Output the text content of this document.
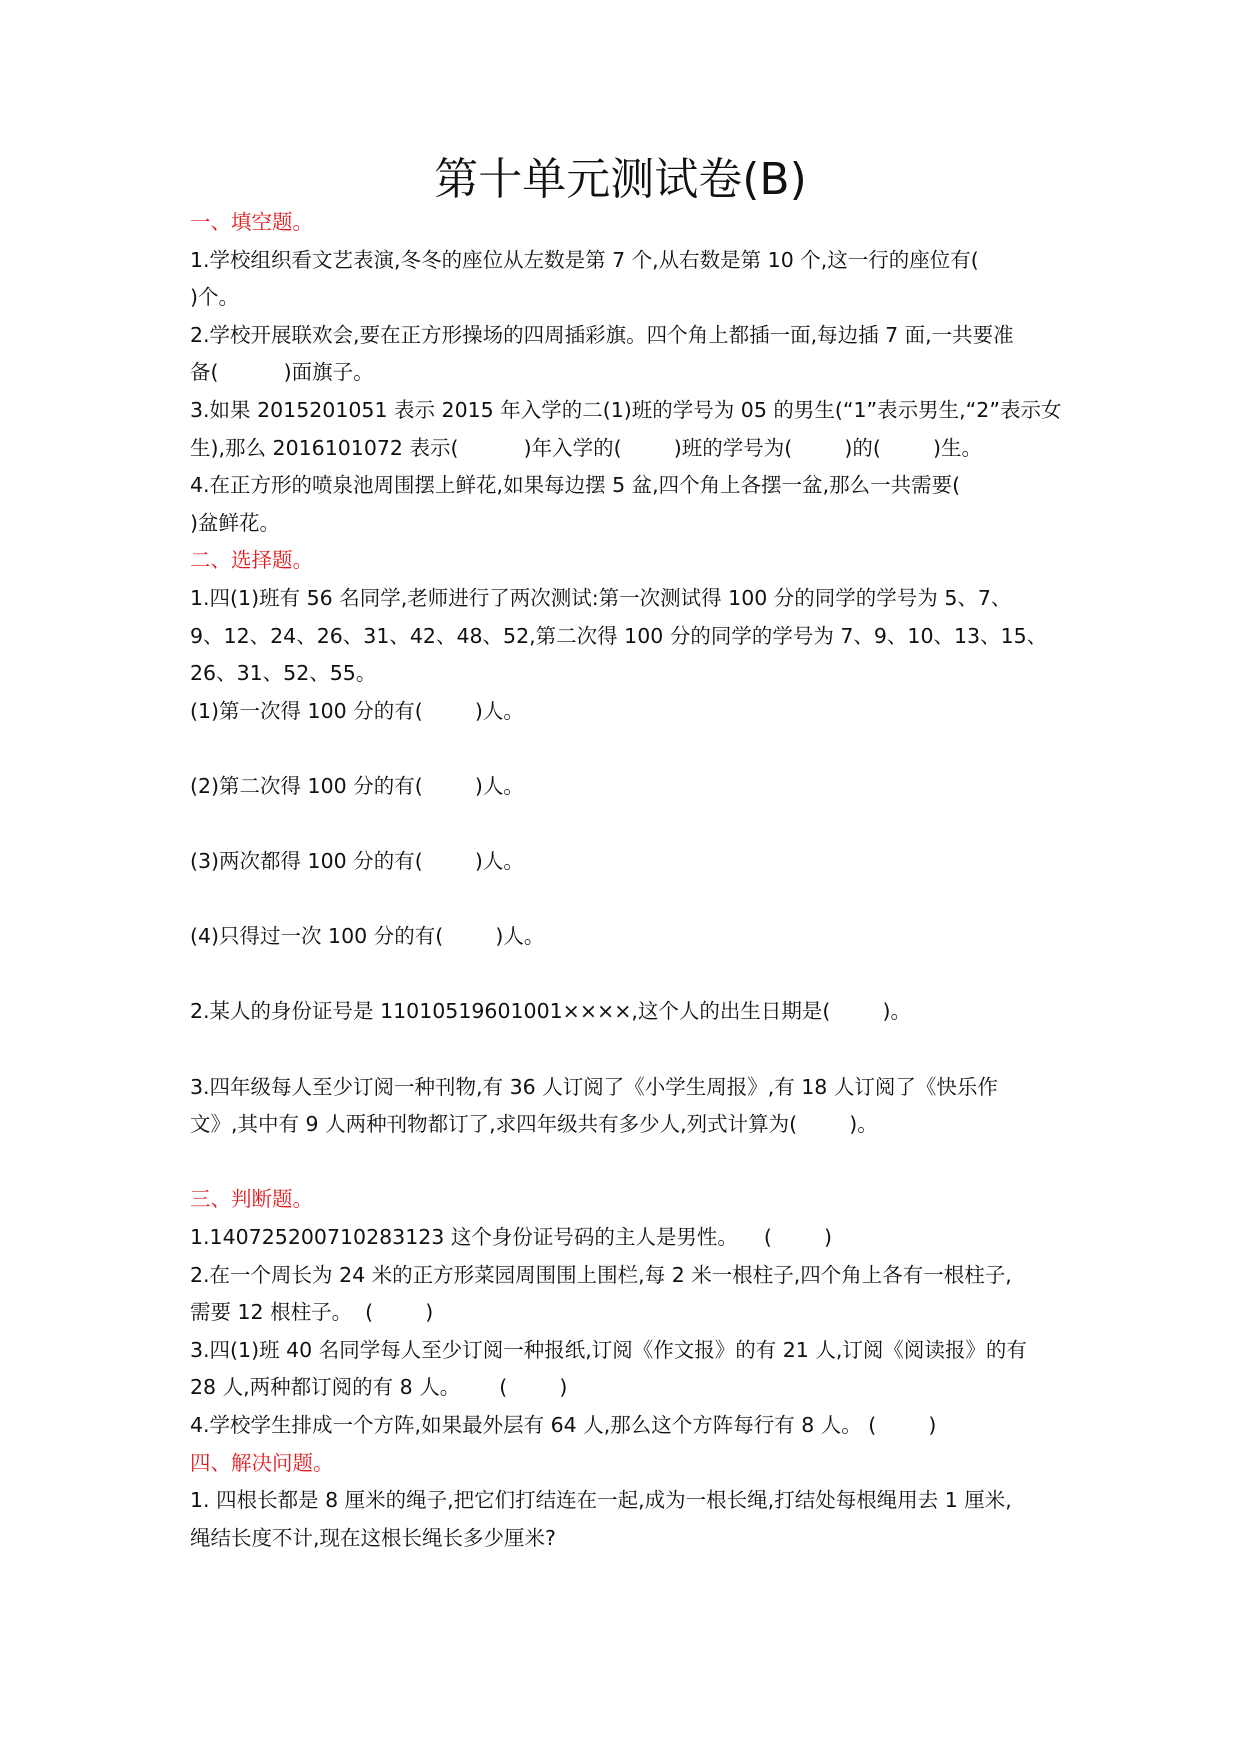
第十单元测试卷(B)
一、填空题。
1.学校组织看文艺表演,冬冬的座位从左数是第 7 个,从右数是第 10 个,这一行的座位有(
)个。
2.学校开展联欢会,要在正方形操场的四周插彩旗。四个角上都插一面,每边插 7 面,一共要准
备(          )面旗子。
3.如果 2015201051 表示 2015 年入学的二(1)班的学号为 05 的男生(“1”表示男生,“2”表示女
生),那么 2016101072 表示(          )年入学的(        )班的学号为(        )的(        )生。
4.在正方形的喷泉池周围摆上鲜花,如果每边摆 5 盆,四个角上各摆一盆,那么一共需要(
)盆鲜花。
二、选择题。
1.四(1)班有 56 名同学,老师进行了两次测试:第一次测试得 100 分的同学的学号为 5、7、
9、12、24、26、31、42、48、52,第二次得 100 分的同学的学号为 7、9、10、13、15、
26、31、52、55。
(1)第一次得 100 分的有(        )人。

(2)第二次得 100 分的有(        )人。

(3)两次都得 100 分的有(        )人。

(4)只得过一次 100 分的有(        )人。

2.某人的身份证号是 11010519601001××××,这个人的出生日期是(        )。

3.四年级每人至少订阅一种刊物,有 36 人订阅了《小学生周报》,有 18 人订阅了《快乐作
文》,其中有 9 人两种刊物都订了,求四年级共有多少人,列式计算为(        )。

三、判断题。
1.140725200710283123 这个身份证号码的主人是男性。    (        )
2.在一个周长为 24 米的正方形菜园周围围上围栏,每 2 米一根柱子,四个角上各有一根柱子,
需要 12 根柱子。  (        )
3.四(1)班 40 名同学每人至少订阅一种报纸,订阅《作文报》的有 21 人,订阅《阅读报》的有
28 人,两种都订阅的有 8 人。      (        )
4.学校学生排成一个方阵,如果最外层有 64 人,那么这个方阵每行有 8 人。 (        )
四、解决问题。
1. 四根长都是 8 厘米的绳子,把它们打结连在一起,成为一根长绳,打结处每根绳用去 1 厘米,
绳结长度不计,现在这根长绳长多少厘米?
